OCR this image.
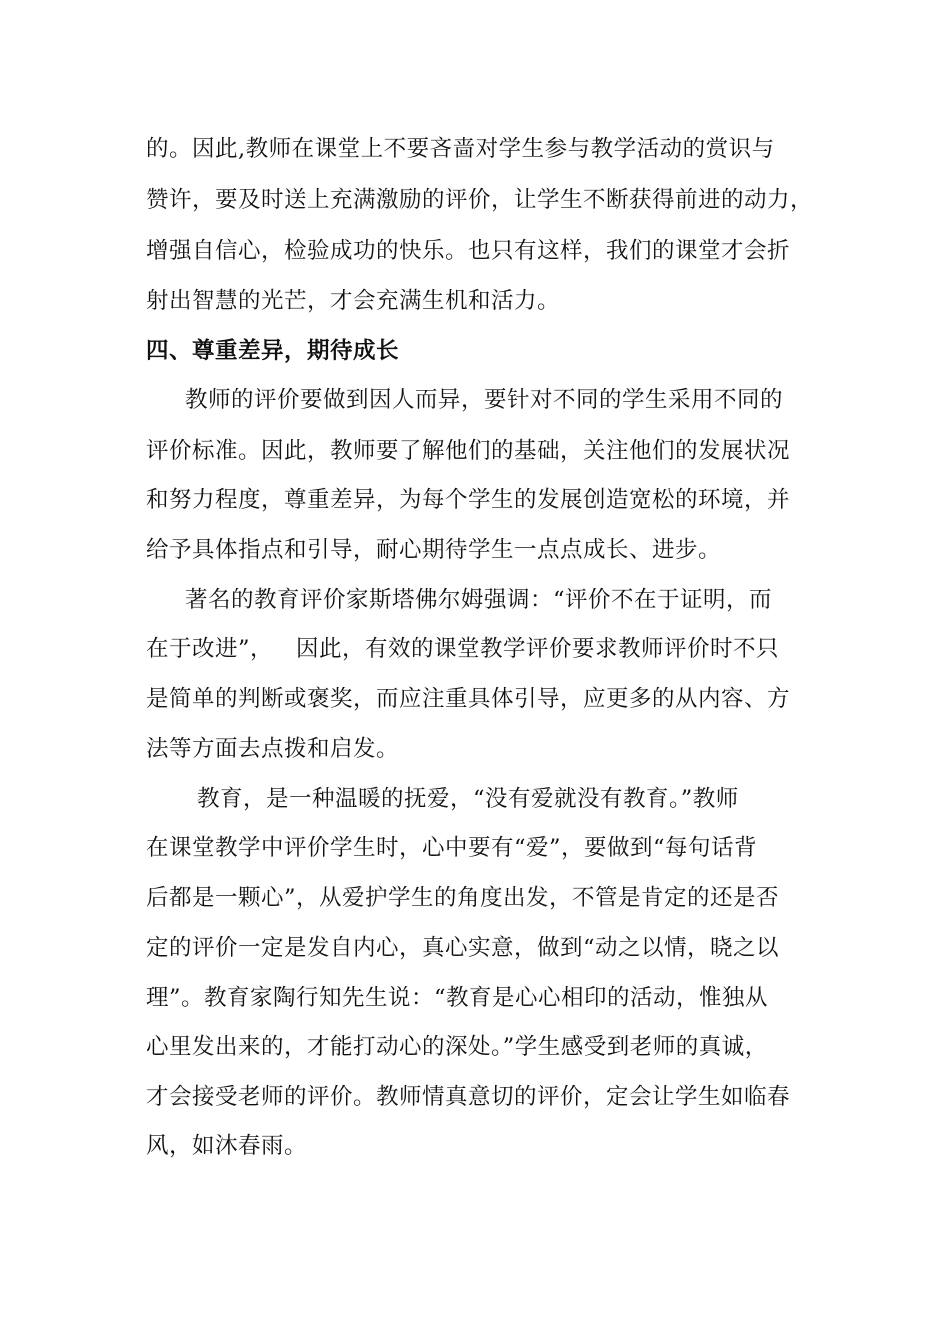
的。因此,教师在课堂上不要吝啬对学生参与教学活动的赏识与
赞许，要及时送上充满激励的评价，让学生不断获得前进的动力，
增强自信心，检验成功的快乐。也只有这样，我们的课堂才会折
射出智慧的光芒，才会充满生机和活力。
四、尊重差异，期待成长
教师的评价要做到因人而异，要针对不同的学生采用不同的
评价标准。因此，教师要了解他们的基础，关注他们的发展状况
和努力程度，尊重差异，为每个学生的发展创造宽松的环境，并
给予具体指点和引导，耐心期待学生一点点成长、进步。
著名的教育评价家斯塔佛尔姆强调：“评价不在于证明，而
在于改进”，   因此，有效的课堂教学评价要求教师评价时不只
是简单的判断或褒奖，而应注重具体引导，应更多的从内容、方
法等方面去点拨和启发。
教育，是一种温暖的抚爱，“没有爱就没有教育。”教师
在课堂教学中评价学生时，心中要有“爱”，要做到“每句话背
后都是一颗心”，从爱护学生的角度出发，不管是肯定的还是否
定的评价一定是发自内心，真心实意，做到“动之以情，晓之以
理”。教育家陶行知先生说：“教育是心心相印的活动，惟独从
心里发出来的，才能打动心的深处。”学生感受到老师的真诚，
才会接受老师的评价。教师情真意切的评价，定会让学生如临春
风，如沐春雨。
